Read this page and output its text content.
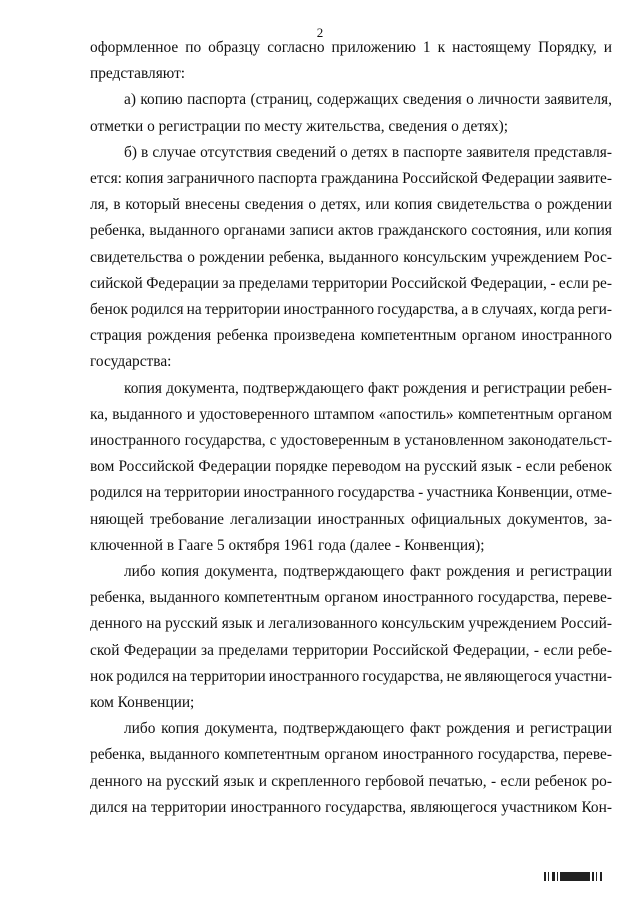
2
оформленное по образцу согласно приложению 1 к настоящему Порядку, и
представляют:
а) копию паспорта (страниц, содержащих сведения о личности заявителя,
отметки о регистрации по месту жительства, сведения о детях);
б) в случае отсутствия сведений о детях в паспорте заявителя представля-
ется: копия заграничного паспорта гражданина Российской Федерации заявите-
ля, в который внесены сведения о детях, или копия свидетельства о рождении
ребенка, выданного органами записи актов гражданского состояния, или копия
свидетельства о рождении ребенка, выданного консульским учреждением Рос-
сийской Федерации за пределами территории Российской Федерации, - если ре-
бенок родился на территории иностранного государства, а в случаях, когда реги-
страция рождения ребенка произведена компетентным органом иностранного
государства:
копия документа, подтверждающего факт рождения и регистрации ребен-
ка, выданного и удостоверенного штампом «апостиль» компетентным органом
иностранного государства, с удостоверенным в установленном законодательст-
вом Российской Федерации порядке переводом на русский язык - если ребенок
родился на территории иностранного государства - участника Конвенции, отме-
няющей требование легализации иностранных официальных документов, за-
ключенной в Гааге 5 октября 1961 года (далее - Конвенция);
либо копия документа, подтверждающего факт рождения и регистрации
ребенка, выданного компетентным органом иностранного государства, переве-
денного на русский язык и легализованного консульским учреждением Россий-
ской Федерации за пределами территории Российской Федерации, - если ребе-
нок родился на территории иностранного государства, не являющегося участни-
ком Конвенции;
либо копия документа, подтверждающего факт рождения и регистрации
ребенка, выданного компетентным органом иностранного государства, переве-
денного на русский язык и скрепленного гербовой печатью, - если ребенок ро-
дился на территории иностранного государства, являющегося участником Кон-
